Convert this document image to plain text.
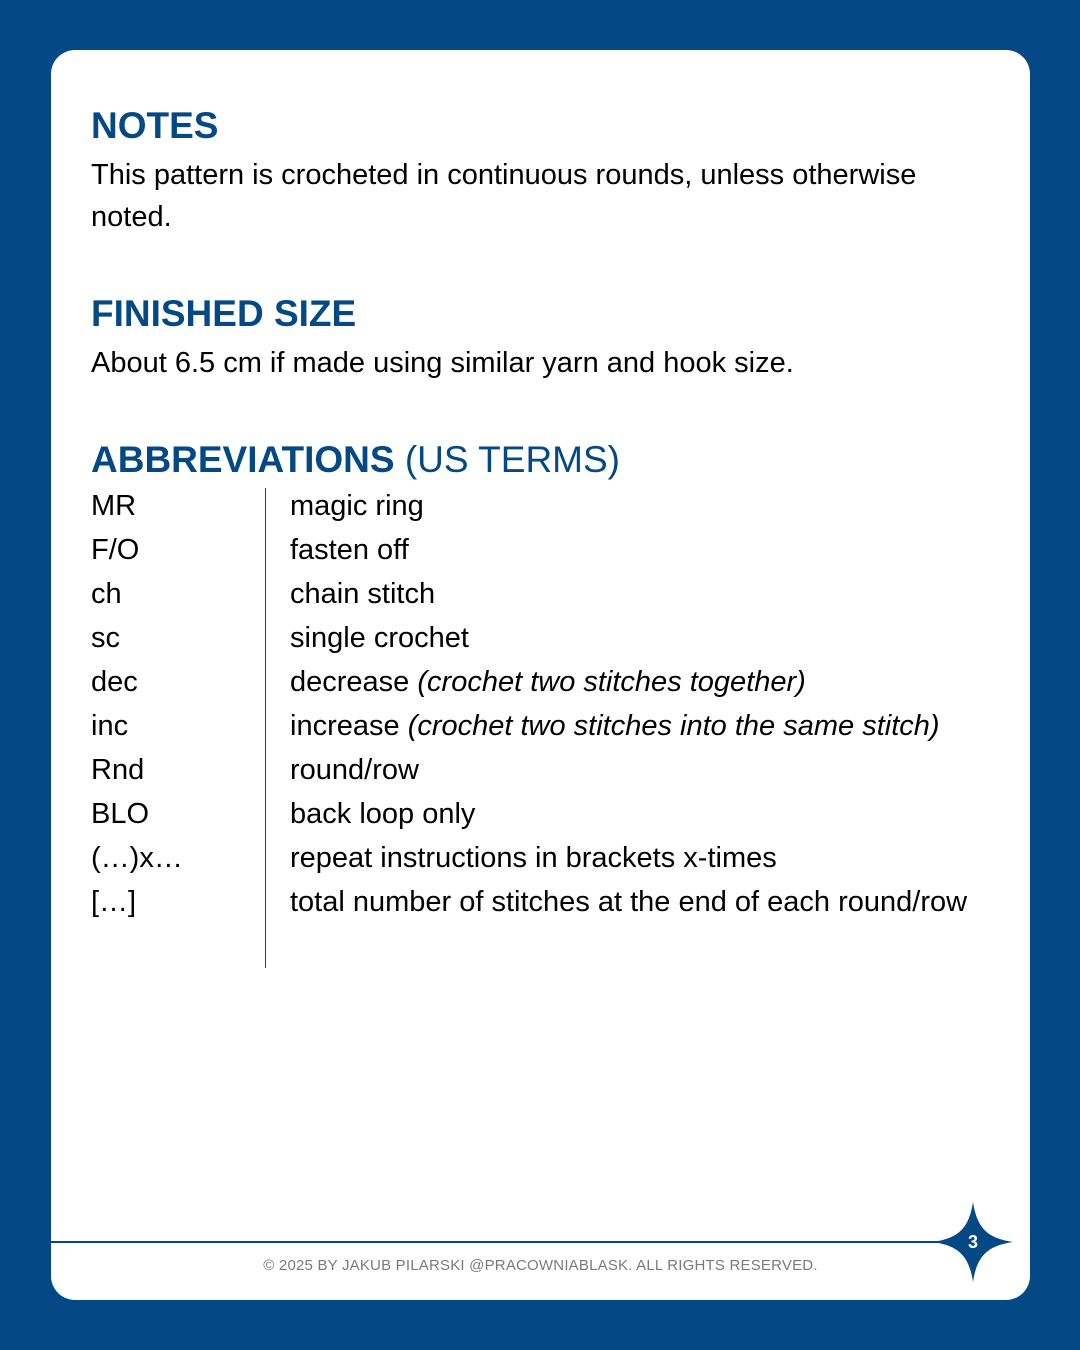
NOTES

This pattern is crocheted in continuous rounds, unless otherwise noted.

FINISHED SIZE

About 6.5 cm if made using similar yarn and hook size.

ABBREVIATIONS (US TERMS)
MR	magic ring
F/O	fasten off
ch	chain stitch
sc	single crochet
dec	decrease (crochet two stitches together)
inc	increase (crochet two stitches into the same stitch)
Rnd	round/row
BLO	back loop only
(…)x…	repeat instructions in brackets x-times
[…]	total number of stitches at the end of each round/row
© 2025 BY JAKUB PILARSKI @PRACOWNIABLASK. ALL RIGHTS RESERVED.
3
